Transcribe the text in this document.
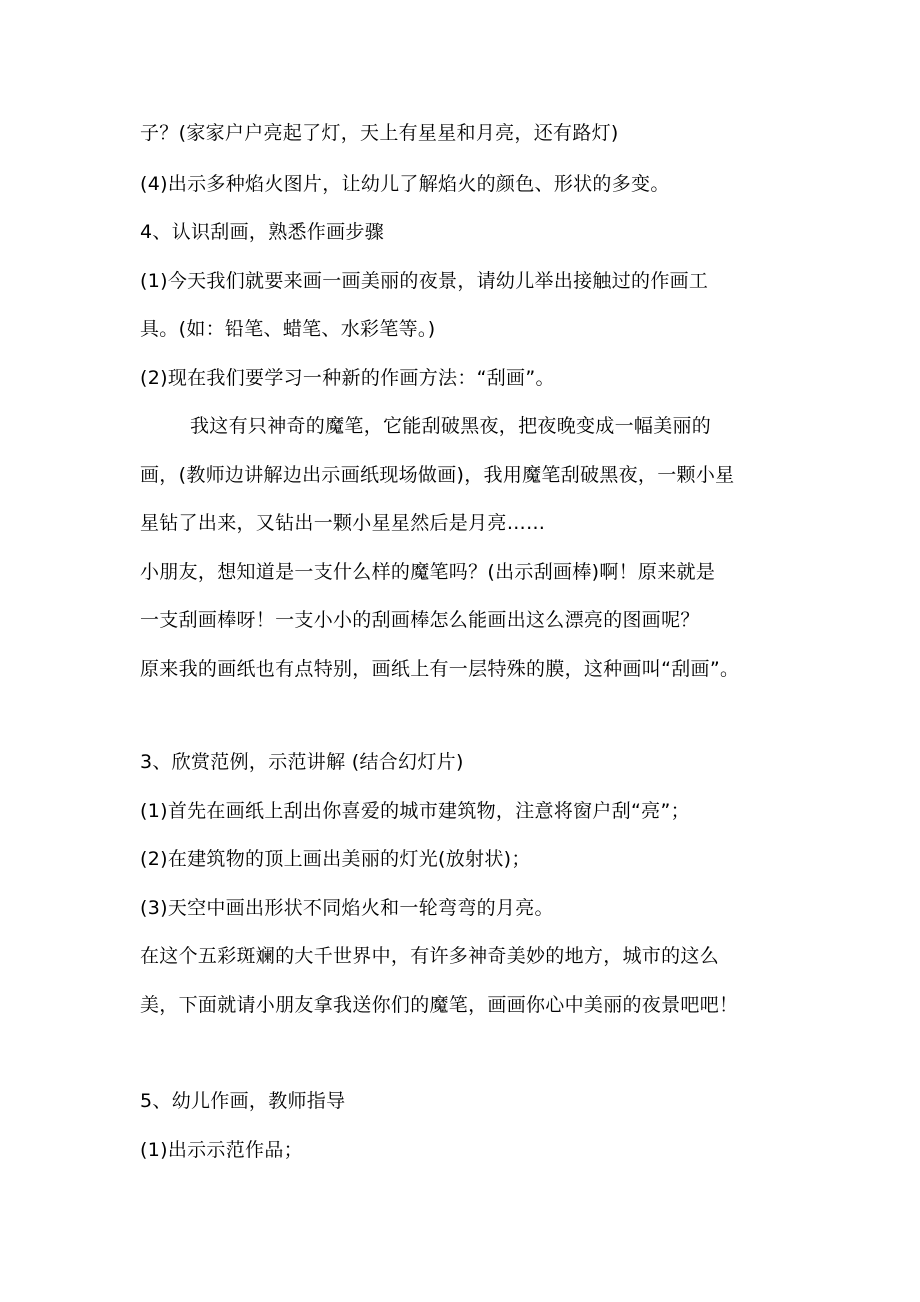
子？(家家户户亮起了灯，天上有星星和月亮，还有路灯)
(4)出示多种焰火图片，让幼儿了解焰火的颜色、形状的多变。
4、认识刮画，熟悉作画步骤
(1)今天我们就要来画一画美丽的夜景，请幼儿举出接触过的作画工
具。(如：铅笔、蜡笔、水彩笔等。)
(2)现在我们要学习一种新的作画方法：“刮画”。
我这有只神奇的魔笔，它能刮破黑夜，把夜晚变成一幅美丽的
画，(教师边讲解边出示画纸现场做画)，我用魔笔刮破黑夜，一颗小星
星钻了出来，又钻出一颗小星星然后是月亮……
小朋友，想知道是一支什么样的魔笔吗？(出示刮画棒)啊！原来就是
一支刮画棒呀！一支小小的刮画棒怎么能画出这么漂亮的图画呢？
原来我的画纸也有点特别，画纸上有一层特殊的膜，这种画叫“刮画”。
3、欣赏范例，示范讲解 (结合幻灯片)
(1)首先在画纸上刮出你喜爱的城市建筑物，注意将窗户刮“亮”；
(2)在建筑物的顶上画出美丽的灯光(放射状)；
(3)天空中画出形状不同焰火和一轮弯弯的月亮。
在这个五彩斑斓的大千世界中，有许多神奇美妙的地方，城市的这么
美，下面就请小朋友拿我送你们的魔笔，画画你心中美丽的夜景吧吧！
5、幼儿作画，教师指导
(1)出示示范作品；
